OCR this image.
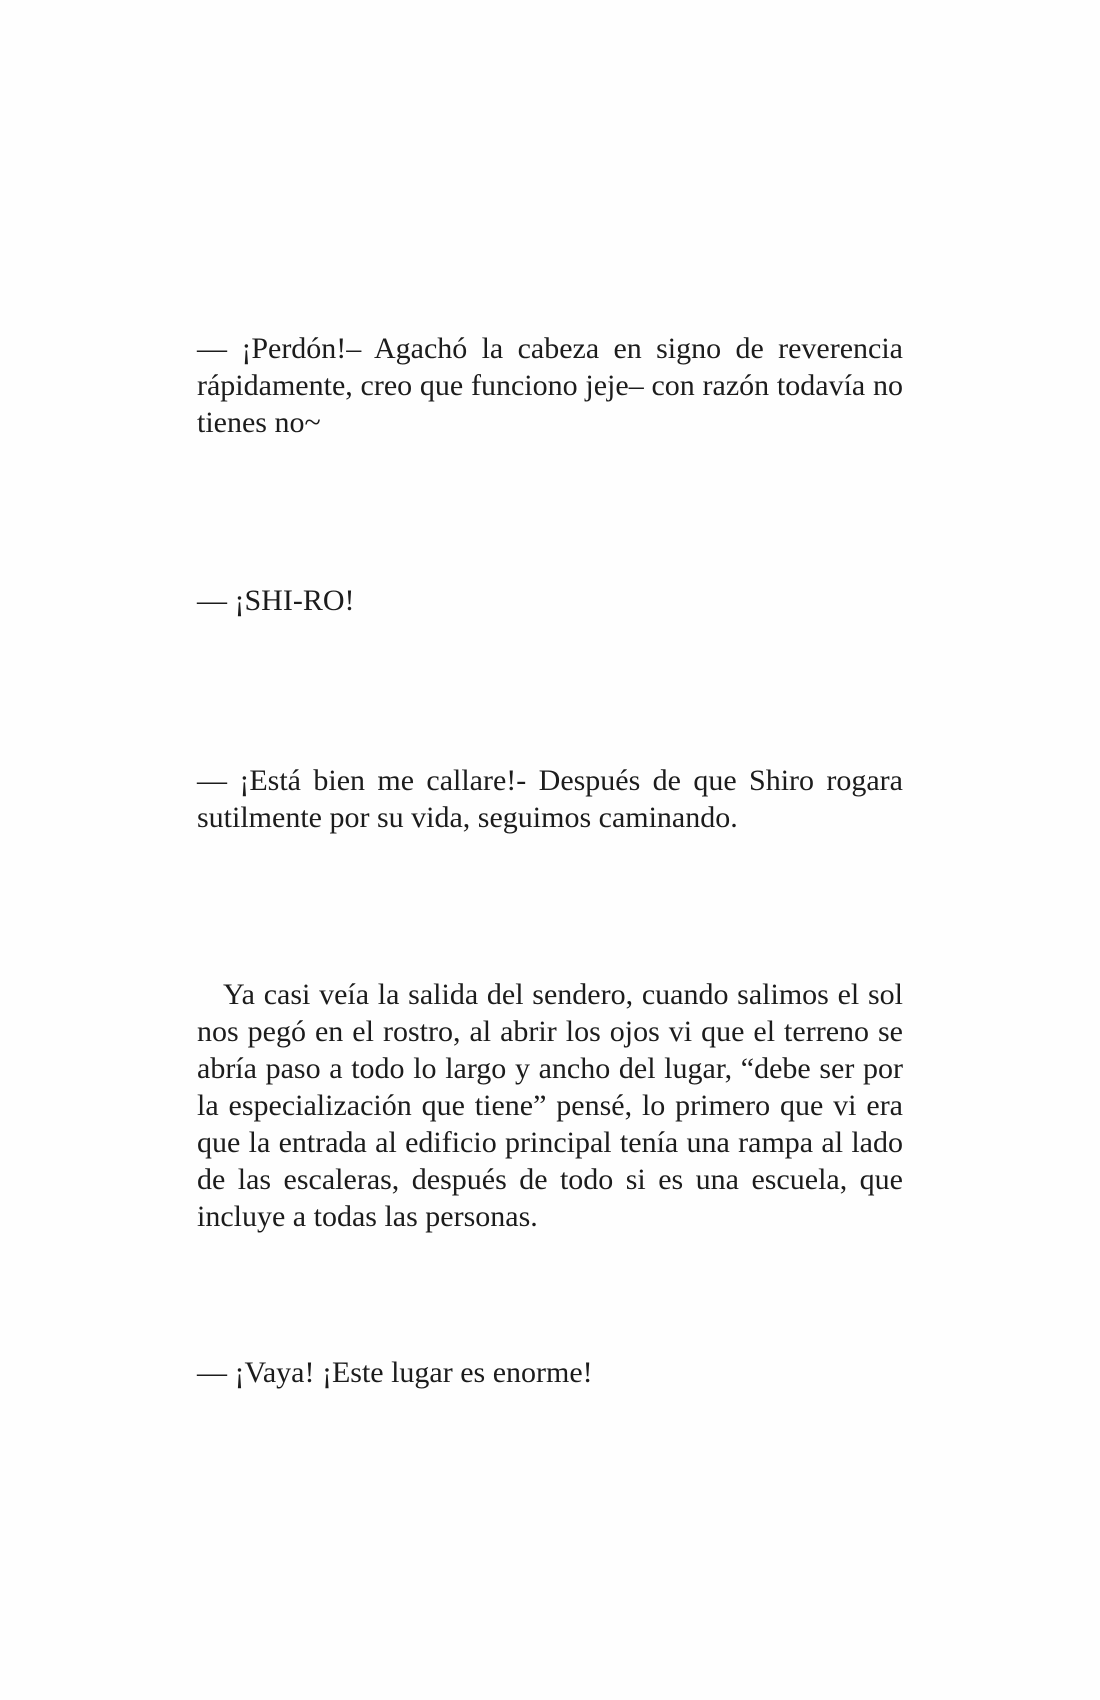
— ¡Perdón!– Agachó la cabeza en signo de reverencia rápidamente, creo que funciono jeje– con razón todavía no tienes no~

— ¡SHI-RO!

— ¡Está bien me callare!- Después de que Shiro rogara sutilmente por su vida, seguimos caminando.

Ya casi veía la salida del sendero, cuando salimos el sol nos pegó en el rostro, al abrir los ojos vi que el terreno se abría paso a todo lo largo y ancho del lugar, “debe ser por la especialización que tiene” pensé, lo primero que vi era que la entrada al edificio principal tenía una rampa al lado de las escaleras, después de todo si es una escuela, que incluye a todas las personas.

— ¡Vaya! ¡Este lugar es enorme!
